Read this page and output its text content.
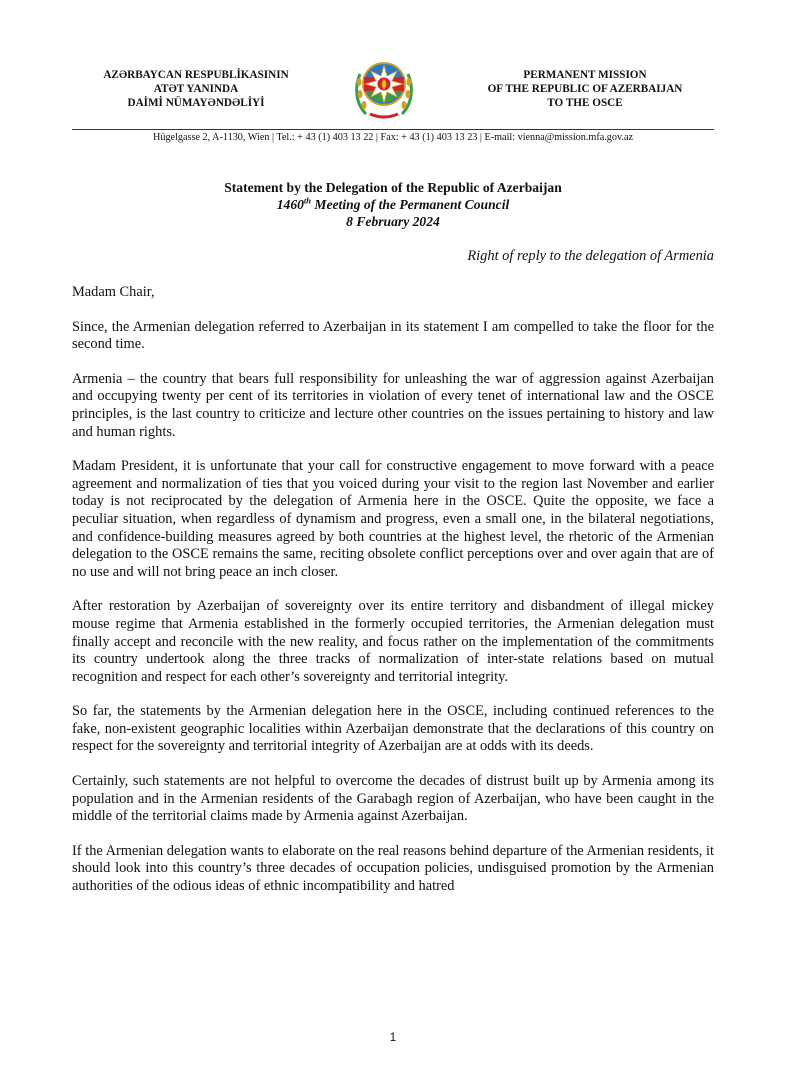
AZƏRBAYCAN RESPUBLİKASININ
ATƏT YANINDA
DAİMİ NÜMAYƏNDƏLİYİ
PERMANENT MISSION
OF THE REPUBLIC OF AZERBAIJAN
TO THE OSCE
Hügelgasse 2, A-1130, Wien | Tel.: + 43 (1) 403 13 22 | Fax: + 43 (1) 403 13 23 | E-mail: vienna@mission.mfa.gov.az
Statement by the Delegation of the Republic of Azerbaijan
1460th Meeting of the Permanent Council
8 February 2024
Right of reply to the delegation of Armenia

Madam Chair,

Since, the Armenian delegation referred to Azerbaijan in its statement I am compelled to take the floor for the second time.

Armenia – the country that bears full responsibility for unleashing the war of aggression against Azerbaijan and occupying twenty per cent of its territories in violation of every tenet of international law and the OSCE principles, is the last country to criticize and lecture other countries on the issues pertaining to history and law and human rights.

Madam President, it is unfortunate that your call for constructive engagement to move forward with a peace agreement and normalization of ties that you voiced during your visit to the region last November and earlier today is not reciprocated by the delegation of Armenia here in the OSCE. Quite the opposite, we face a peculiar situation, when regardless of dynamism and progress, even a small one, in the bilateral negotiations, and confidence-building measures agreed by both countries at the highest level, the rhetoric of the Armenian delegation to the OSCE remains the same, reciting obsolete conflict perceptions over and over again that are of no use and will not bring peace an inch closer.

After restoration by Azerbaijan of sovereignty over its entire territory and disbandment of illegal mickey mouse regime that Armenia established in the formerly occupied territories, the Armenian delegation must finally accept and reconcile with the new reality, and focus rather on the implementation of the commitments its country undertook along the three tracks of normalization of inter-state relations based on mutual recognition and respect for each other’s sovereignty and territorial integrity.

So far, the statements by the Armenian delegation here in the OSCE, including continued references to the fake, non-existent geographic localities within Azerbaijan demonstrate that the declarations of this country on respect for the sovereignty and territorial integrity of Azerbaijan are at odds with its deeds.

Certainly, such statements are not helpful to overcome the decades of distrust built up by Armenia among its population and in the Armenian residents of the Garabagh region of Azerbaijan, who have been caught in the middle of the territorial claims made by Armenia against Azerbaijan.

If the Armenian delegation wants to elaborate on the real reasons behind departure of the Armenian residents, it should look into this country’s three decades of occupation policies, undisguised promotion by the Armenian authorities of the odious ideas of ethnic incompatibility and hatred

1
